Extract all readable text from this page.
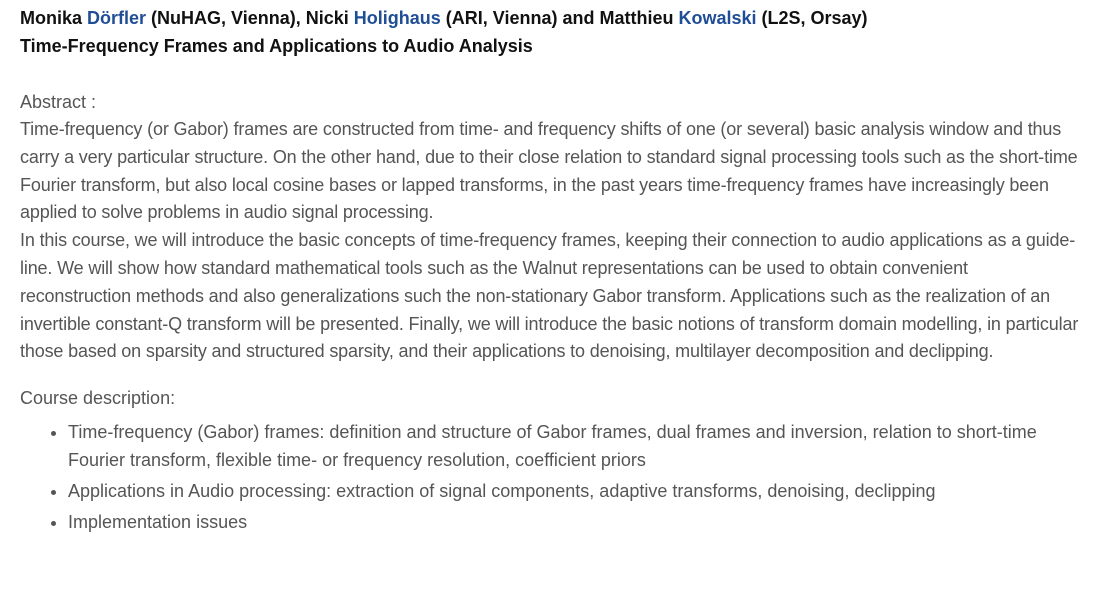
Monika Dörfler (NuHAG, Vienna), Nicki Holighaus (ARI, Vienna) and Matthieu Kowalski (L2S, Orsay)

Time-Frequency Frames and Applications to Audio Analysis

Abstract :

Time-frequency (or Gabor) frames are constructed from time- and frequency shifts of one (or several) basic analysis window and thus carry a very particular structure. On the other hand, due to their close relation to standard signal processing tools such as the short-time Fourier transform, but also local cosine bases or lapped transforms, in the past years time-frequency frames have increasingly been applied to solve problems in audio signal processing.

In this course, we will introduce the basic concepts of time-frequency frames, keeping their connection to audio applications as a guide-line. We will show how standard mathematical tools such as the Walnut representations can be used to obtain convenient reconstruction methods and also generalizations such the non-stationary Gabor transform. Applications such as the realization of an invertible constant-Q transform will be presented. Finally, we will introduce the basic notions of transform domain modelling, in particular those based on sparsity and structured sparsity, and their applications to denoising, multilayer decomposition and declipping.

Course description:

• Time-frequency (Gabor) frames: definition and structure of Gabor frames, dual frames and inversion, relation to short-time Fourier transform, flexible time- or frequency resolution, coefficient priors
• Applications in Audio processing: extraction of signal components, adaptive transforms, denoising, declipping
• Implementation issues
